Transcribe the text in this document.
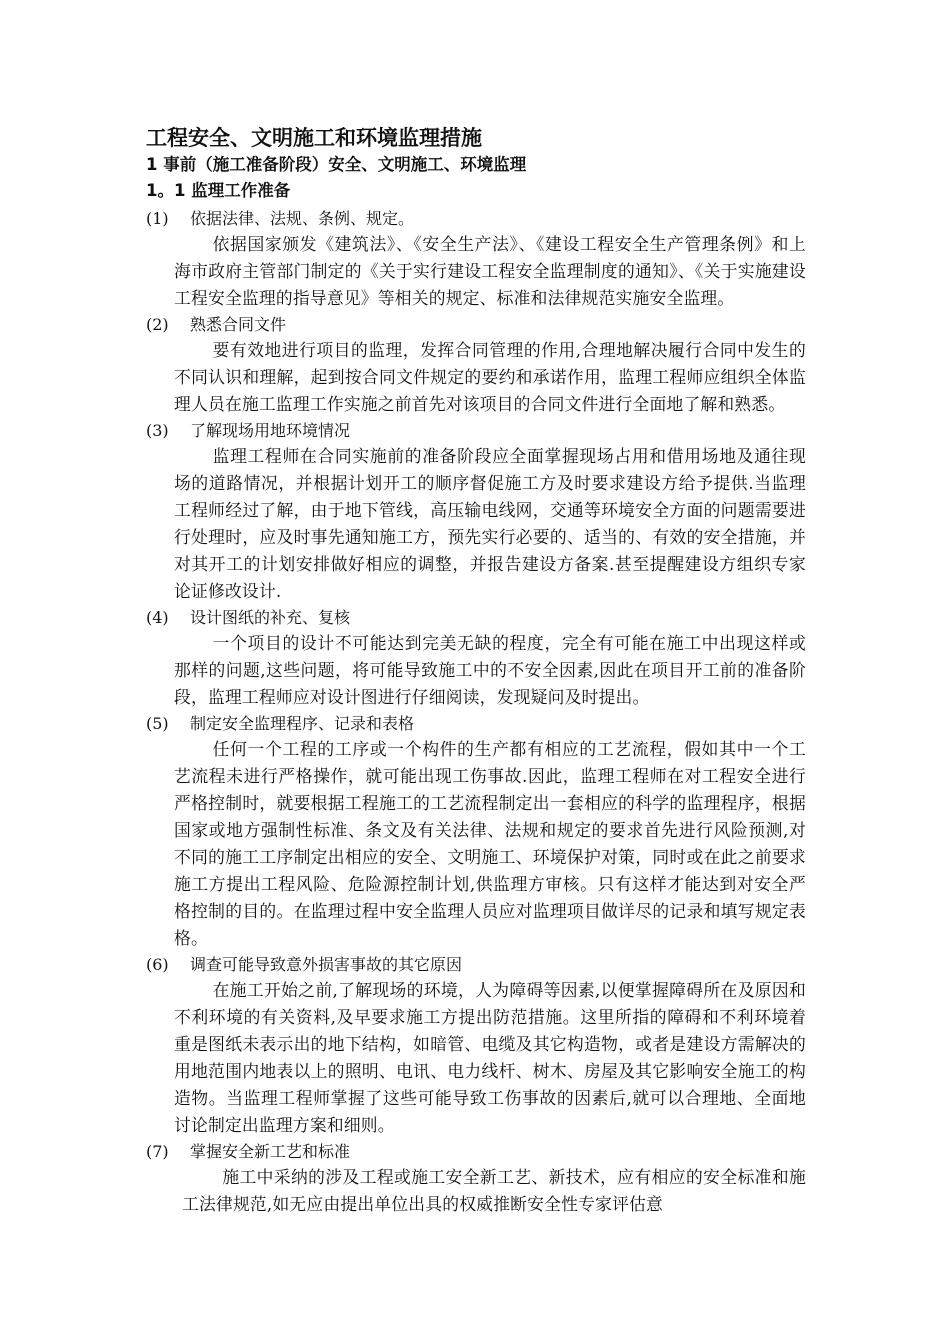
工程安全、文明施工和环境监理措施
1 事前（施工准备阶段）安全、文明施工、环境监理
1。1 监理工作准备
(1)	依据法律、法规、条例、规定。

依据国家颁发《建筑法》、《安全生产法》、《建设工程安全生产管理条例》和上海市政府主管部门制定的《关于实行建设工程安全监理制度的通知》、《关于实施建设工程安全监理的指导意见》等相关的规定、标准和法律规范实施安全监理。

(2)	熟悉合同文件

要有效地进行项目的监理，发挥合同管理的作用,合理地解决履行合同中发生的不同认识和理解，起到按合同文件规定的要约和承诺作用，监理工程师应组织全体监理人员在施工监理工作实施之前首先对该项目的合同文件进行全面地了解和熟悉。

(3)	了解现场用地环境情况

监理工程师在合同实施前的准备阶段应全面掌握现场占用和借用场地及通往现场的道路情况，并根据计划开工的顺序督促施工方及时要求建设方给予提供.当监理工程师经过了解，由于地下管线，高压输电线网，交通等环境安全方面的问题需要进行处理时，应及时事先通知施工方，预先实行必要的、适当的、有效的安全措施，并对其开工的计划安排做好相应的调整，并报告建设方备案.甚至提醒建设方组织专家论证修改设计.

(4)	设计图纸的补充、复核

一个项目的设计不可能达到完美无缺的程度，完全有可能在施工中出现这样或那样的问题,这些问题，将可能导致施工中的不安全因素,因此在项目开工前的准备阶段，监理工程师应对设计图进行仔细阅读，发现疑问及时提出。

(5)	制定安全监理程序、记录和表格

任何一个工程的工序或一个构件的生产都有相应的工艺流程，假如其中一个工艺流程未进行严格操作，就可能出现工伤事故.因此，监理工程师在对工程安全进行严格控制时，就要根据工程施工的工艺流程制定出一套相应的科学的监理程序，根据国家或地方强制性标准、条文及有关法律、法规和规定的要求首先进行风险预测,对不同的施工工序制定出相应的安全、文明施工、环境保护对策，同时或在此之前要求施工方提出工程风险、危险源控制计划,供监理方审核。只有这样才能达到对安全严格控制的目的。在监理过程中安全监理人员应对监理项目做详尽的记录和填写规定表格。

(6)	调查可能导致意外损害事故的其它原因

在施工开始之前,了解现场的环境，人为障碍等因素,以便掌握障碍所在及原因和不利环境的有关资料,及早要求施工方提出防范措施。这里所指的障碍和不利环境着重是图纸未表示出的地下结构，如暗管、电缆及其它构造物，或者是建设方需解决的用地范围内地表以上的照明、电讯、电力线杆、树木、房屋及其它影响安全施工的构造物。当监理工程师掌握了这些可能导致工伤事故的因素后,就可以合理地、全面地讨论制定出监理方案和细则。

(7)	掌握安全新工艺和标准

施工中采纳的涉及工程或施工安全新工艺、新技术，应有相应的安全标准和施工法律规范,如无应由提出单位出具的权威推断安全性专家评估意
